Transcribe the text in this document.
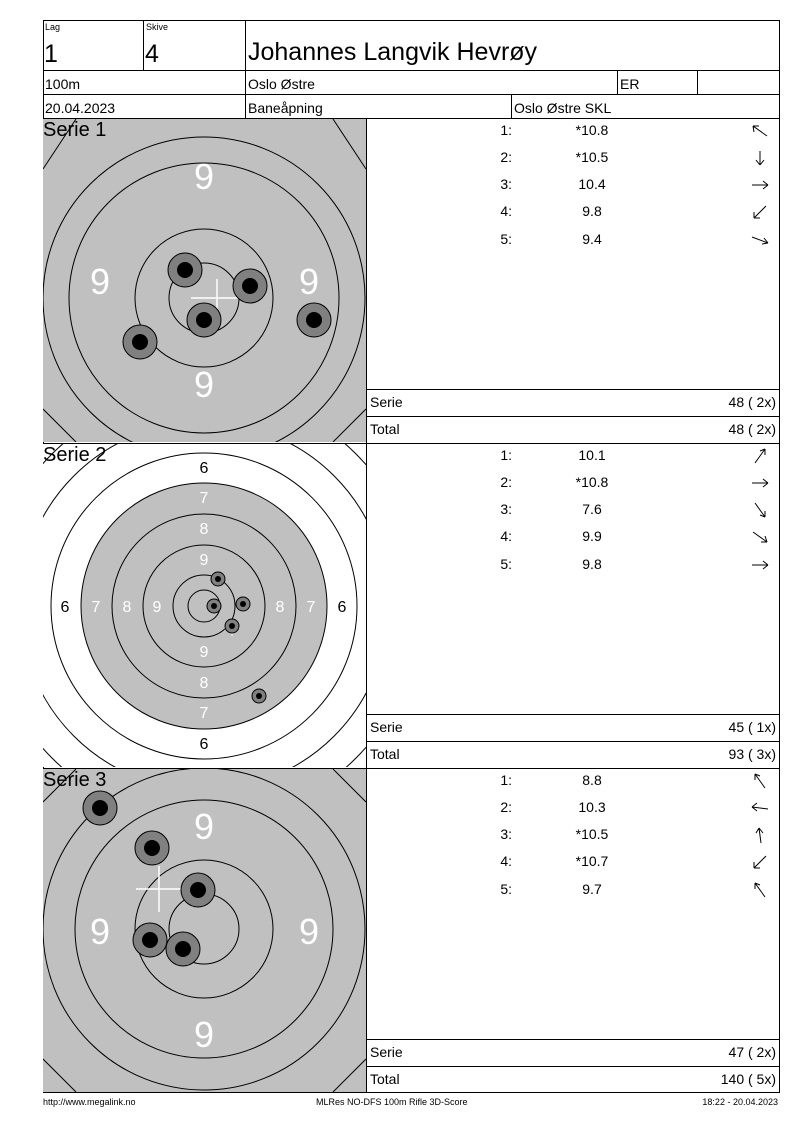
Lag
1
Skive
4	Johannes Langvik Hevrøy
100m	Oslo Østre	ER
20.04.2023	Baneåpning	Oslo Østre SKL
9
9	9
9
Serie 1	1:	*10.8
2:	*10.5
3:	10.4
4:	9.8
5:	9.4
Serie	48 ( 2x)
Total	48 ( 2x)
6
6
6	6
7
7
7	7
8
8
8	8
9
9
9
Serie 2	1:	10.1
2:	*10.8
3:	7.6
4:	9.9
5:	9.8
Serie	45 ( 1x)
Total	93 ( 3x)
9
9	9
9
Serie 3	1:	8.8
2:	10.3
3:	*10.5
4:	*10.7
5:	9.7
Serie	47 ( 2x)
Total	140 ( 5x)
http://www.megalink.no	MLRes NO-DFS 100m Rifle 3D-Score	18:22 - 20.04.2023
